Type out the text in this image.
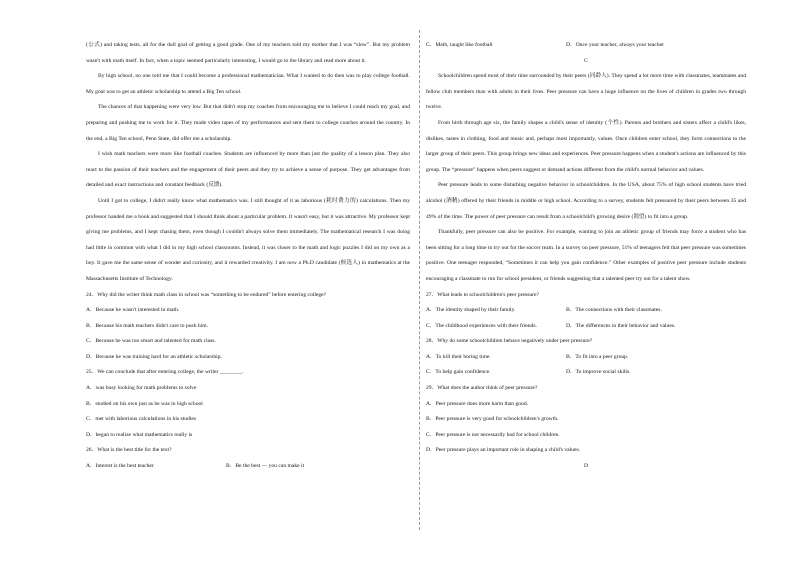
(公式) and taking tests, all for the dull goal of getting a good grade. One of my teachers told my mother that I was “slow”. But my problem wasn't with math itself. In fact, when a topic seemed particularly interesting, I would go to the library and read more about it.

By high school, no one told me that I could become a professional mathematician. What I wanted to do then was to play college football. My goal was to get an athletic scholarship to attend a Big Ten school.

The chances of that happening were very low. But that didn't stop my coaches from encouraging me to believe I could reach my goal, and preparing and pushing me to work for it. They made video tapes of my performances and sent them to college coaches around the country. In the end, a Big Ten school, Penn State, did offer me a scholarship.

I wish math teachers were more like football coaches. Students are influenced by more than just the quality of a lesson plan. They also react to the passion of their teachers and the engagement of their peers and they try to achieve a sense of purpose. They get advantages from detailed and exact instructions and constant feedback (反馈).

Until I got to college, I didn't really know what mathematics was. I still thought of it as laborious (耗时费力的) calculations. Then my professor handed me a book and suggested that I should think about a particular problem. It wasn't easy, but it was attractive. My professor kept giving me problems, and I kept chasing them, even though I couldn't always solve them immediately. The mathematical research I was doing had little in common with what I did in my high school classrooms. Instead, it was closer to the math and logic puzzles I did on my own as a boy. It gave me the same sense of wonder and curiosity, and it rewarded creativity. I am now a Ph.D candidate (候选人) in mathematics at the Massachusetts Institute of Technology.

24．Why did the writer think math class in school was “something to be endured” before entering college?

A．Because he wasn't interested in math.

B．Because his math teachers didn't care to push him.

C．Because he was too smart and talented for math class.

D．Because he was training hard for an athletic scholarship.

25．We can conclude that after entering college, the writer ________.

A．was busy looking for math problems to solve

B．studied on his own just as he was in high school

C．met with laborious calculations in his studies

D．began to realize what mathematics really is

26．What is the best title for the text?

A．Interest is the best teacher	B．Be the best — you can make it
C．Math, taught like football	D．Once your teacher, always your teacher

C

Schoolchildren spend most of their time surrounded by their peers (同龄人). They spend a lot more time with classmates, teammates and fellow club members than with adults in their lives. Peer pressure can have a huge influence on the lives of children in grades two through twelve.

From birth through age six, the family shapes a child's sense of identity (个性). Parents and brothers and sisters affect a child's likes, dislikes, tastes in clothing, food and music and, perhaps most importantly, values. Once children enter school, they form connections to the larger group of their peers. This group brings new ideas and experiences. Peer pressure happens when a student's actions are influenced by this group. The “pressure” happens when peers suggest or demand actions different from the child's normal behavior and values.

Peer pressure leads to some disturbing negative behavior in schoolchildren. In the USA, about 75% of high school students have tried alcohol (酒精) offered by their friends in middle or high school. According to a survey, students felt pressured by their peers between 35 and 49% of the time. The power of peer pressure can result from a schoolchild's growing desire (渴望) to fit into a group.

Thankfully, peer pressure can also be positive. For example, wanting to join an athletic group of friends may force a student who has been sitting for a long time to try out for the soccer team. In a survey on peer pressure, 51% of teenagers felt that peer pressure was sometimes positive. One teenager responded, “Sometimes it can help you gain confidence.” Other examples of positive peer pressure include students encouraging a classmate to run for school president, or friends suggesting that a talented peer try out for a talent show.

27．What leads to schoolchildren's peer pressure?

A．The identity shaped by their family.	B．The connections with their classmates.
C．The childhood experiences with their friends.	D．The differences in their behavior and values.

28．Why do some schoolchildren behave negatively under peer pressure?

A．To kill their boring time.	B．To fit into a peer group.
C．To help gain confidence.	D．To improve social skills.

29．What does the author think of peer pressure?

A．Peer pressure does more harm than good.

B．Peer pressure is very good for schoolchildren's growth.

C．Peer pressure is not necessarily bad for school children.

D．Peer pressure plays an important role in shaping a child's values.

D
